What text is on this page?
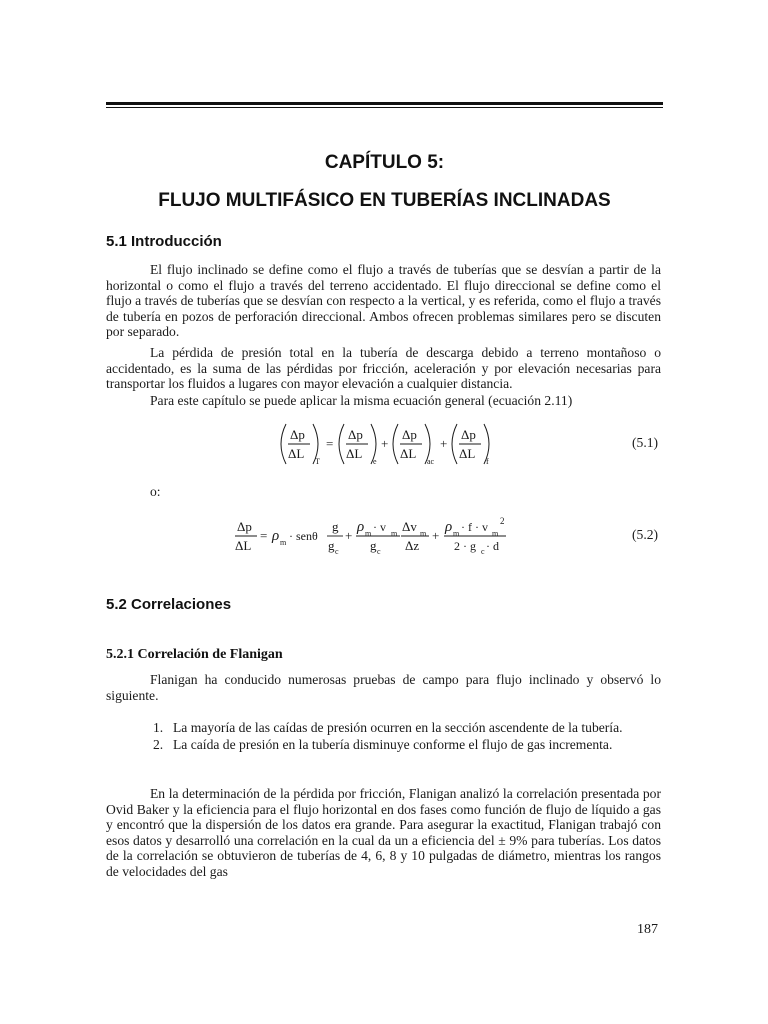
CAPÍTULO 5:
FLUJO MULTIFÁSICO EN TUBERÍAS INCLINADAS
5.1 Introducción

El flujo inclinado se define como el flujo a través de tuberías que se desvían a partir de la horizontal o como el flujo a través del terreno accidentado. El flujo direccional se define como el flujo a través de tuberías que se desvían con respecto a la vertical, y es referida, como el flujo a través de tubería en pozos de perforación direccional. Ambos ofrecen problemas similares pero se discuten por separado.

La pérdida de presión total en la tubería de descarga debido a terreno montañoso o accidentado, es la suma de las pérdidas por fricción, aceleración y por elevación necesarias para transportar los fluidos a lugares con mayor elevación a cualquier distancia.

Para este capítulo se puede aplicar la misma ecuación general (ecuación 2.11)

Δp
ΔL
T
=
Δp
ΔL
e
+
Δp
ΔL
ac
+
Δp
ΔL
f
(5.1)
o:
Δp
ΔL
= ρ m · senθ
g
g c
+
ρ m · v m
g c
Δv m
Δz
+
ρ m · f · v m
2
2 · g c · d
(5.2)
5.2 Correlaciones
5.2.1 Correlación de Flanigan

Flanigan ha conducido numerosas pruebas de campo para flujo inclinado y observó lo siguiente.

1. La mayoría de las caídas de presión ocurren en la sección ascendente de la tubería.
2. La caída de presión en la tubería disminuye conforme el flujo de gas incrementa.

En la determinación de la pérdida por fricción, Flanigan analizó la correlación presentada por Ovid Baker y la eficiencia para el flujo horizontal en dos fases como función de flujo de líquido a gas y encontró que la dispersión de los datos era grande. Para asegurar la exactitud, Flanigan trabajó con esos datos y desarrolló una correlación en la cual da un a eficiencia del ± 9% para tuberías. Los datos de la correlación se obtuvieron de tuberías de 4, 6, 8 y 10 pulgadas de diámetro, mientras los rangos de velocidades del gas

187
